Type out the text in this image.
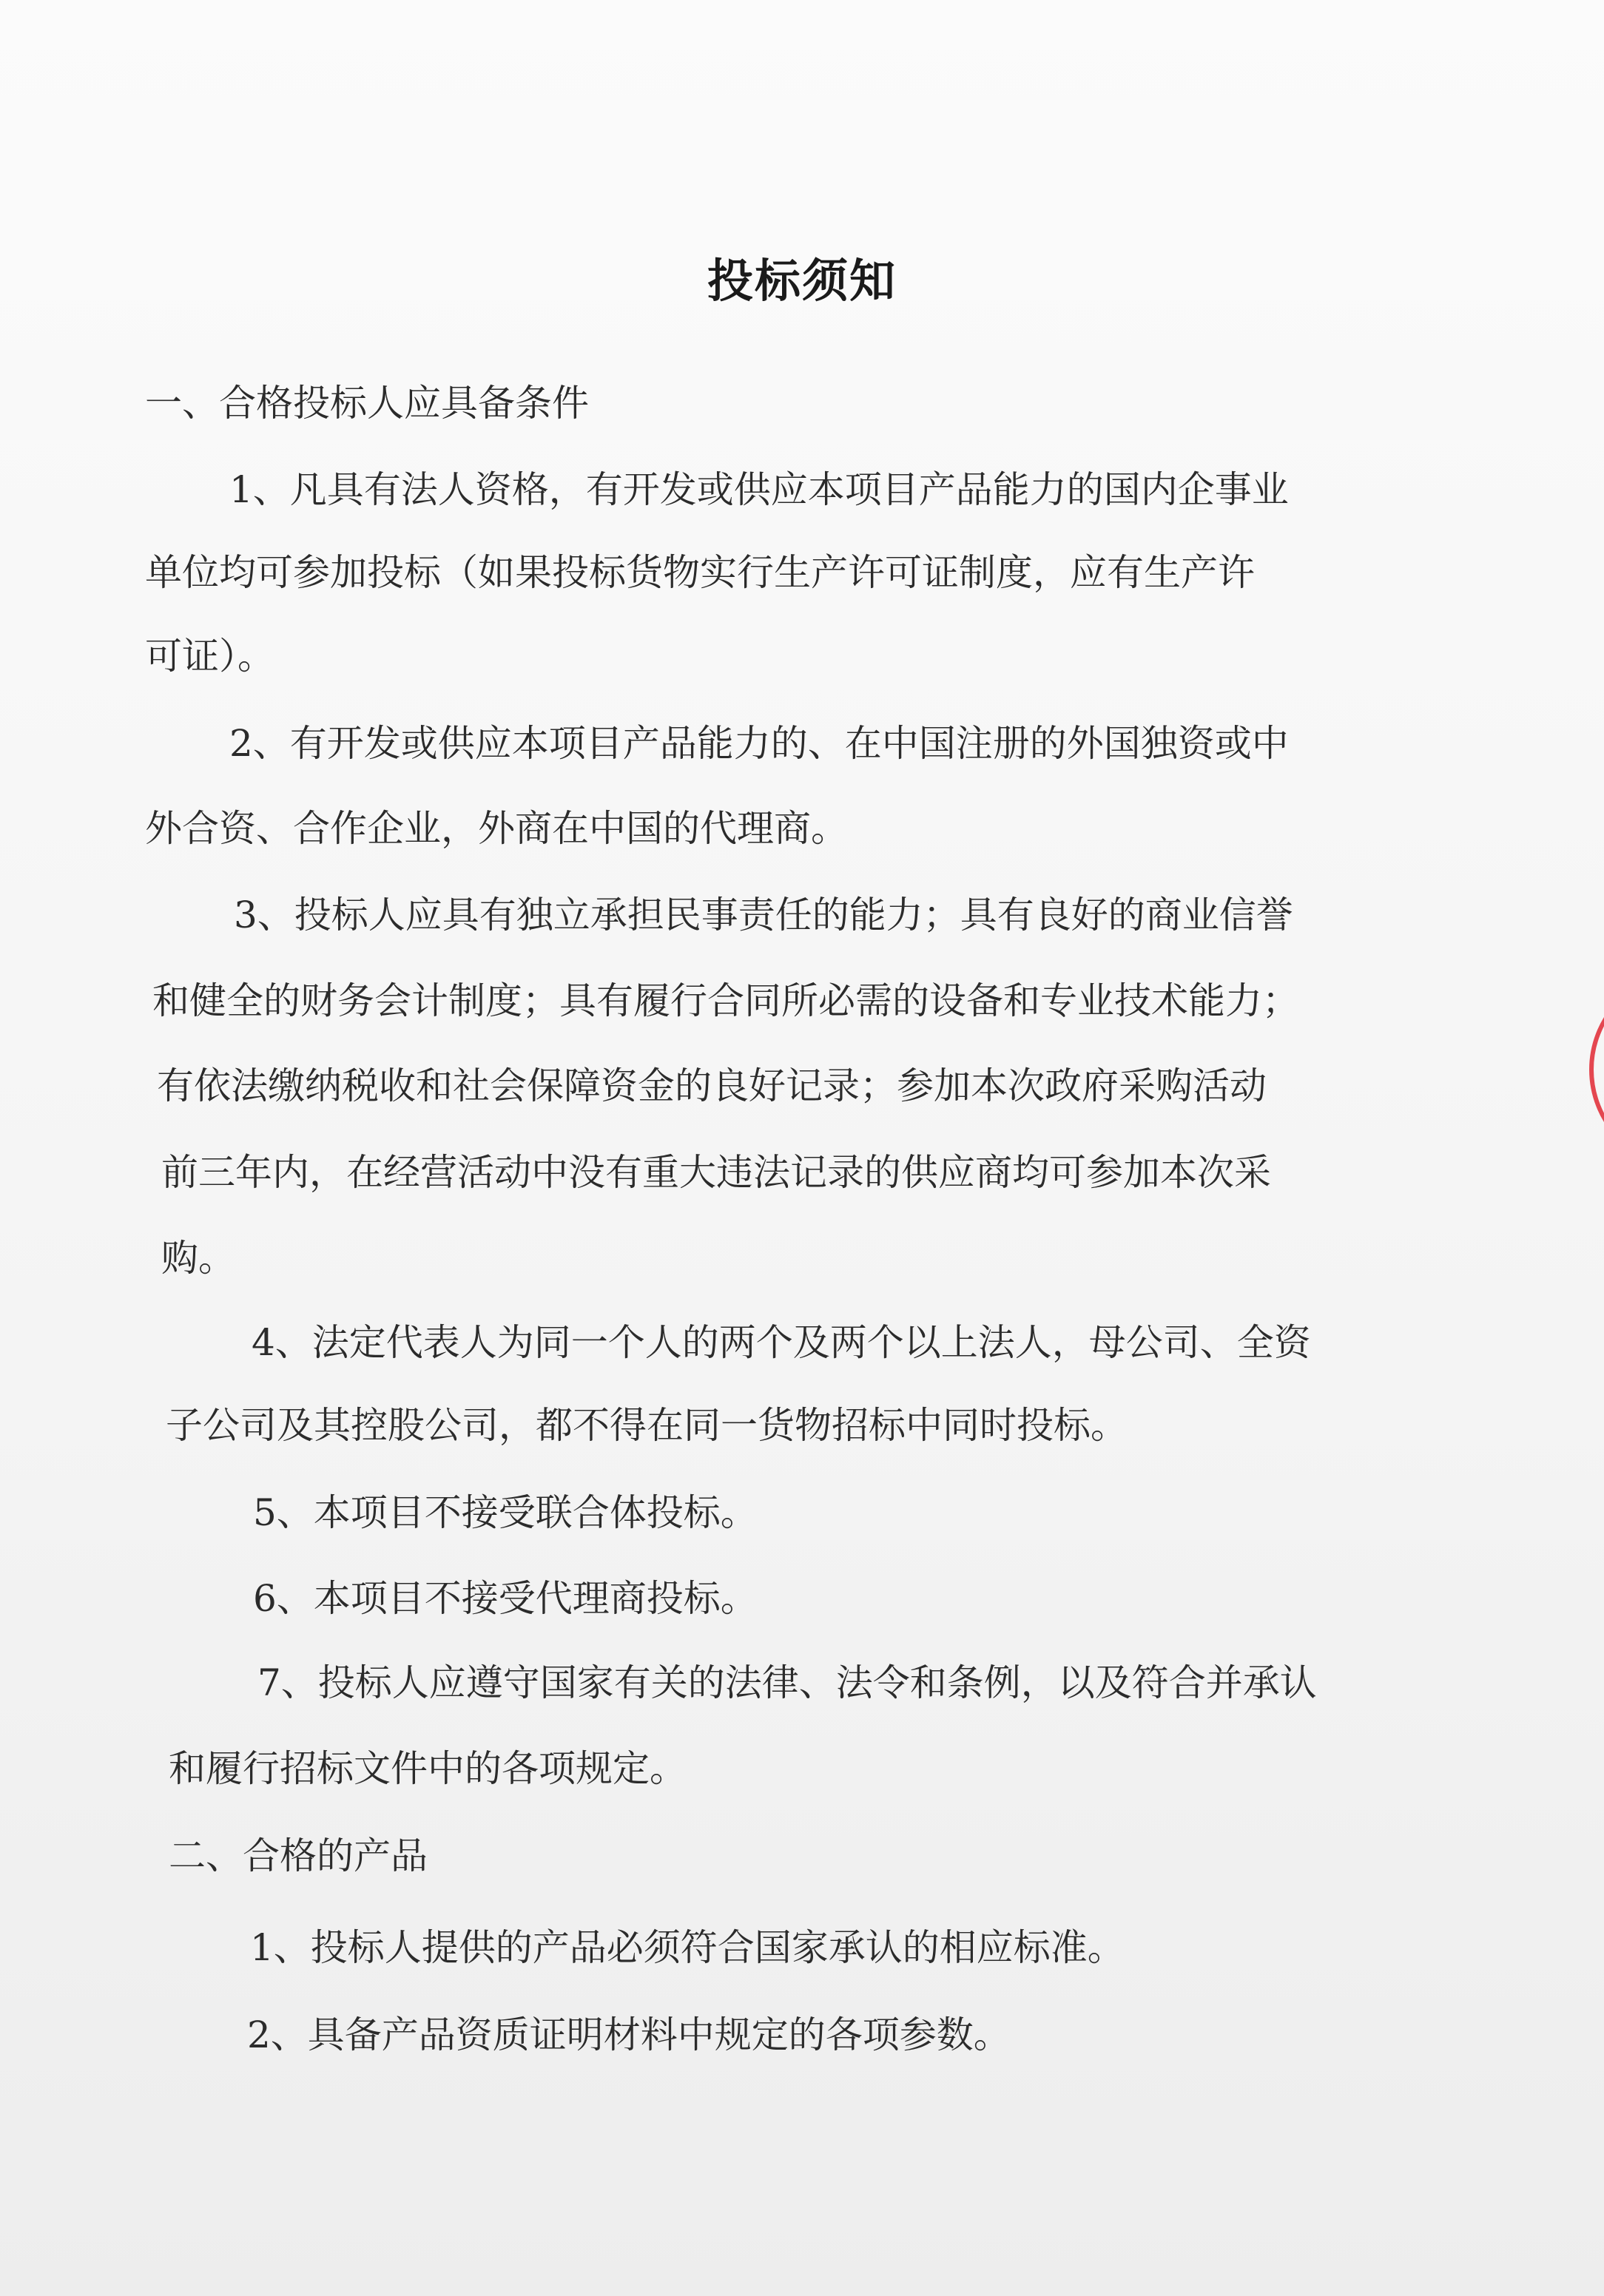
投标须知
一、合格投标人应具备条件
1、凡具有法人资格，有开发或供应本项目产品能力的国内企事业
单位均可参加投标（如果投标货物实行生产许可证制度，应有生产许
可证）。
2、有开发或供应本项目产品能力的、在中国注册的外国独资或中
外合资、合作企业，外商在中国的代理商。
3、投标人应具有独立承担民事责任的能力；具有良好的商业信誉
和健全的财务会计制度；具有履行合同所必需的设备和专业技术能力；
有依法缴纳税收和社会保障资金的良好记录；参加本次政府采购活动
前三年内，在经营活动中没有重大违法记录的供应商均可参加本次采
购。
4、法定代表人为同一个人的两个及两个以上法人，母公司、全资
子公司及其控股公司，都不得在同一货物招标中同时投标。
5、本项目不接受联合体投标。
6、本项目不接受代理商投标。
7、投标人应遵守国家有关的法律、法令和条例，以及符合并承认
和履行招标文件中的各项规定。
二、合格的产品
1、投标人提供的产品必须符合国家承认的相应标准。
2、具备产品资质证明材料中规定的各项参数。
